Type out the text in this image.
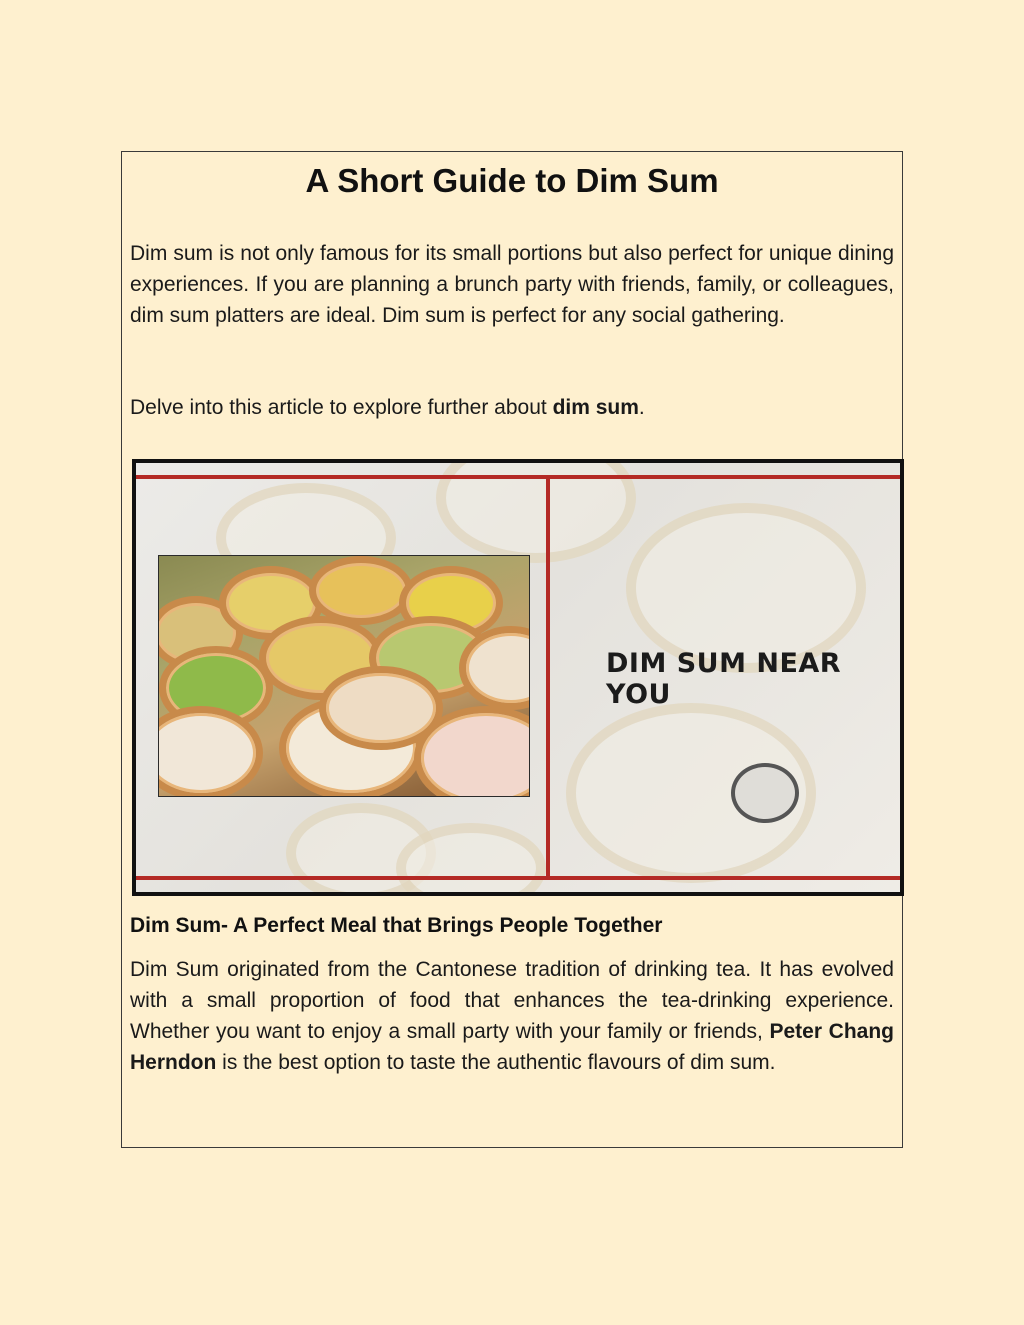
A Short Guide to Dim Sum

Dim sum is not only famous for its small portions but also perfect for unique dining experiences. If you are planning a brunch party with friends, family, or colleagues, dim sum platters are ideal. Dim sum is perfect for any social gathering.

Delve into this article to explore further about dim sum.

DIM SUM NEAR YOU
Dim Sum- A Perfect Meal that Brings People Together

Dim Sum originated from the Cantonese tradition of drinking tea. It has evolved with a small proportion of food that enhances the tea-drinking experience. Whether you want to enjoy a small party with your family or friends, Peter Chang Herndon is the best option to taste the authentic flavours of dim sum.
